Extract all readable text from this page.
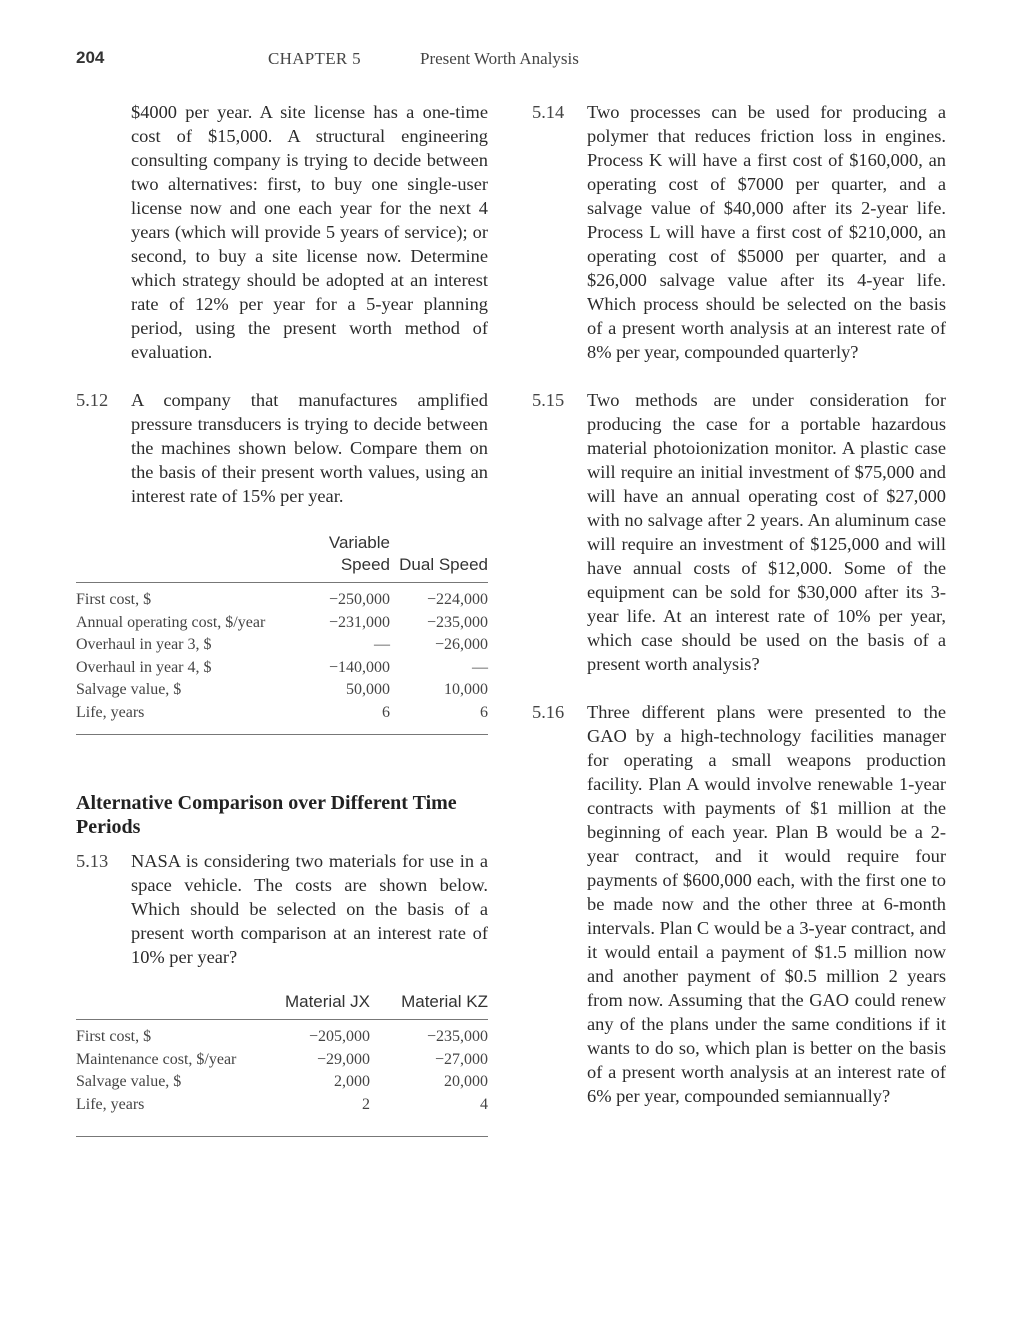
204	CHAPTER 5	Present Worth Analysis

$4000 per year. A site license has a one-time cost of $15,000. A structural engineering consulting company is trying to decide between two alternatives: first, to buy one single-user license now and one each year for the next 4 years (which will provide 5 years of service); or second, to buy a site license now. Determine which strategy should be adopted at an interest rate of 12% per year for a 5-year planning period, using the present worth method of evaluation.

5.12 A company that manufactures amplified pressure transducers is trying to decide between the machines shown below. Compare them on the basis of their present worth values, using an interest rate of 15% per year.

	Variable Speed	Dual Speed
First cost, $	−250,000	−224,000
Annual operating cost, $/year	−231,000	−235,000
Overhaul in year 3, $	—	−26,000
Overhaul in year 4, $	−140,000	—
Salvage value, $	50,000	10,000
Life, years	6	6

Alternative Comparison over Different Time Periods

5.13 NASA is considering two materials for use in a space vehicle. The costs are shown below. Which should be selected on the basis of a present worth comparison at an interest rate of 10% per year?

	Material JX	Material KZ
First cost, $	−205,000	−235,000
Maintenance cost, $/year	−29,000	−27,000
Salvage value, $	2,000	20,000
Life, years	2	4
5.14 Two processes can be used for producing a polymer that reduces friction loss in engines. Process K will have a first cost of $160,000, an operating cost of $7000 per quarter, and a salvage value of $40,000 after its 2-year life. Process L will have a first cost of $210,000, an operating cost of $5000 per quarter, and a $26,000 salvage value after its 4-year life. Which process should be selected on the basis of a present worth analysis at an interest rate of 8% per year, compounded quarterly?

5.15 Two methods are under consideration for producing the case for a portable hazardous material photoionization monitor. A plastic case will require an initial investment of $75,000 and will have an annual operating cost of $27,000 with no salvage after 2 years. An aluminum case will require an investment of $125,000 and will have annual costs of $12,000. Some of the equipment can be sold for $30,000 after its 3-year life. At an interest rate of 10% per year, which case should be used on the basis of a present worth analysis?

5.16 Three different plans were presented to the GAO by a high-technology facilities manager for operating a small weapons production facility. Plan A would involve renewable 1-year contracts with payments of $1 million at the beginning of each year. Plan B would be a 2-year contract, and it would require four payments of $600,000 each, with the first one to be made now and the other three at 6-month intervals. Plan C would be a 3-year contract, and it would entail a payment of $1.5 million now and another payment of $0.5 million 2 years from now. Assuming that the GAO could renew any of the plans under the same conditions if it wants to do so, which plan is better on the basis of a present worth analysis at an interest rate of 6% per year, compounded semiannually?
